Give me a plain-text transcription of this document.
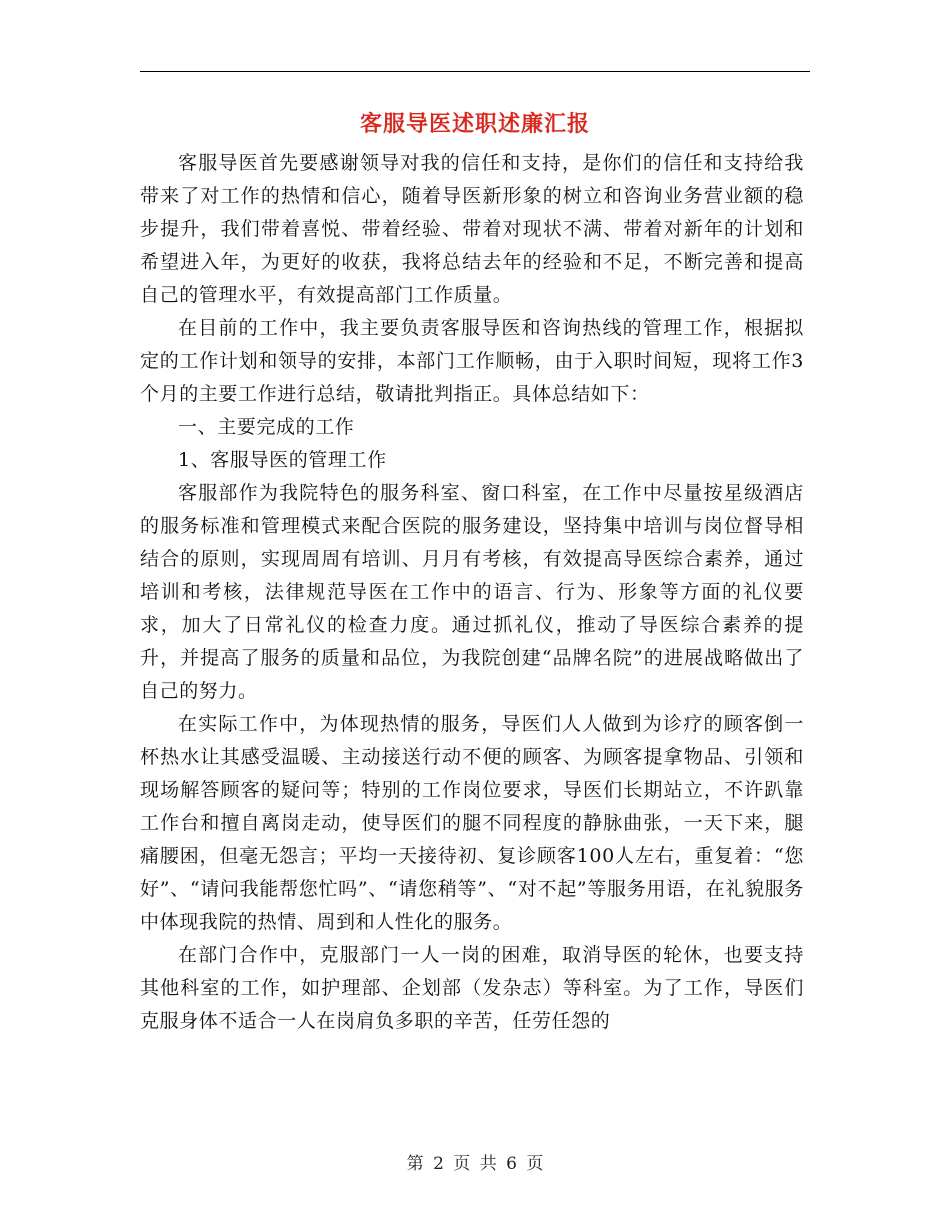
客服导医述职述廉汇报

客服导医首先要感谢领导对我的信任和支持，是你们的信任和支持给我带来了对工作的热情和信心，随着导医新形象的树立和咨询业务营业额的稳步提升，我们带着喜悦、带着经验、带着对现状不满、带着对新年的计划和希望进入年，为更好的收获，我将总结去年的经验和不足，不断完善和提高自己的管理水平，有效提高部门工作质量。

在目前的工作中，我主要负责客服导医和咨询热线的管理工作，根据拟定的工作计划和领导的安排，本部门工作顺畅，由于入职时间短，现将工作3个月的主要工作进行总结，敬请批判指正。具体总结如下：

一、主要完成的工作

1、客服导医的管理工作

客服部作为我院特色的服务科室、窗口科室，在工作中尽量按星级酒店的服务标准和管理模式来配合医院的服务建设，坚持集中培训与岗位督导相结合的原则，实现周周有培训、月月有考核，有效提高导医综合素养，通过培训和考核，法律规范导医在工作中的语言、行为、形象等方面的礼仪要求，加大了日常礼仪的检查力度。通过抓礼仪，推动了导医综合素养的提升，并提高了服务的质量和品位，为我院创建“品牌名院”的进展战略做出了自己的努力。

在实际工作中，为体现热情的服务，导医们人人做到为诊疗的顾客倒一杯热水让其感受温暖、主动接送行动不便的顾客、为顾客提拿物品、引领和现场解答顾客的疑问等；特别的工作岗位要求，导医们长期站立，不许趴靠工作台和擅自离岗走动，使导医们的腿不同程度的静脉曲张，一天下来，腿痛腰困，但毫无怨言；平均一天接待初、复诊顾客100人左右，重复着：“您好”、“请问我能帮您忙吗”、“请您稍等”、“对不起”等服务用语，在礼貌服务中体现我院的热情、周到和人性化的服务。

在部门合作中，克服部门一人一岗的困难，取消导医的轮休，也要支持其他科室的工作，如护理部、企划部（发杂志）等科室。为了工作，导医们克服身体不适合一人在岗肩负多职的辛苦，任劳任怨的

第 2 页 共 6 页
